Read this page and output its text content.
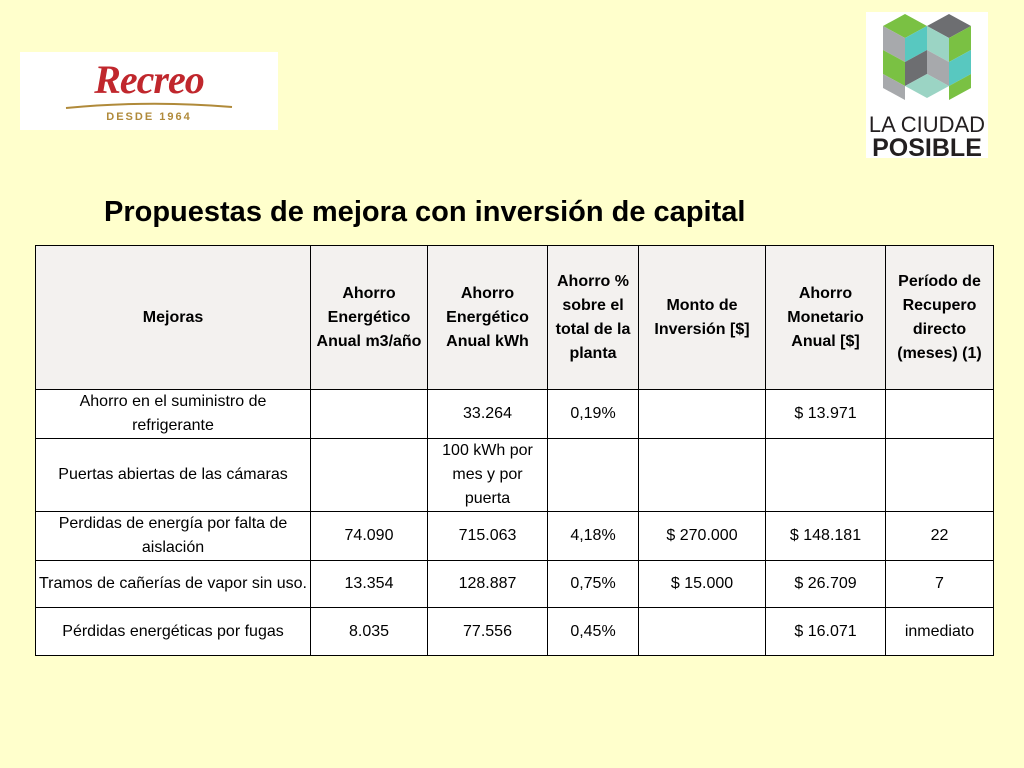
Recreo
DESDE 1964	LA CIUDAD
POSIBLE
Propuestas de mejora con inversión de capital
Mejoras	Ahorro Energético Anual m3/año	Ahorro Energético Anual kWh	Ahorro % sobre el total de la planta	Monto de Inversión [$]	Ahorro Monetario Anual [$]	Período de Recupero directo (meses) (1)
Ahorro en el suministro de refrigerante		33.264	0,19%		$ 13.971	
Puertas abiertas de las cámaras		100 kWh por mes y por puerta				
Perdidas de energía por falta de aislación	74.090	715.063	4,18%	$ 270.000	$ 148.181	22
Tramos de cañerías de vapor sin uso.	13.354	128.887	0,75%	$ 15.000	$ 26.709	7
Pérdidas energéticas por fugas	8.035	77.556	0,45%		$ 16.071	inmediato
